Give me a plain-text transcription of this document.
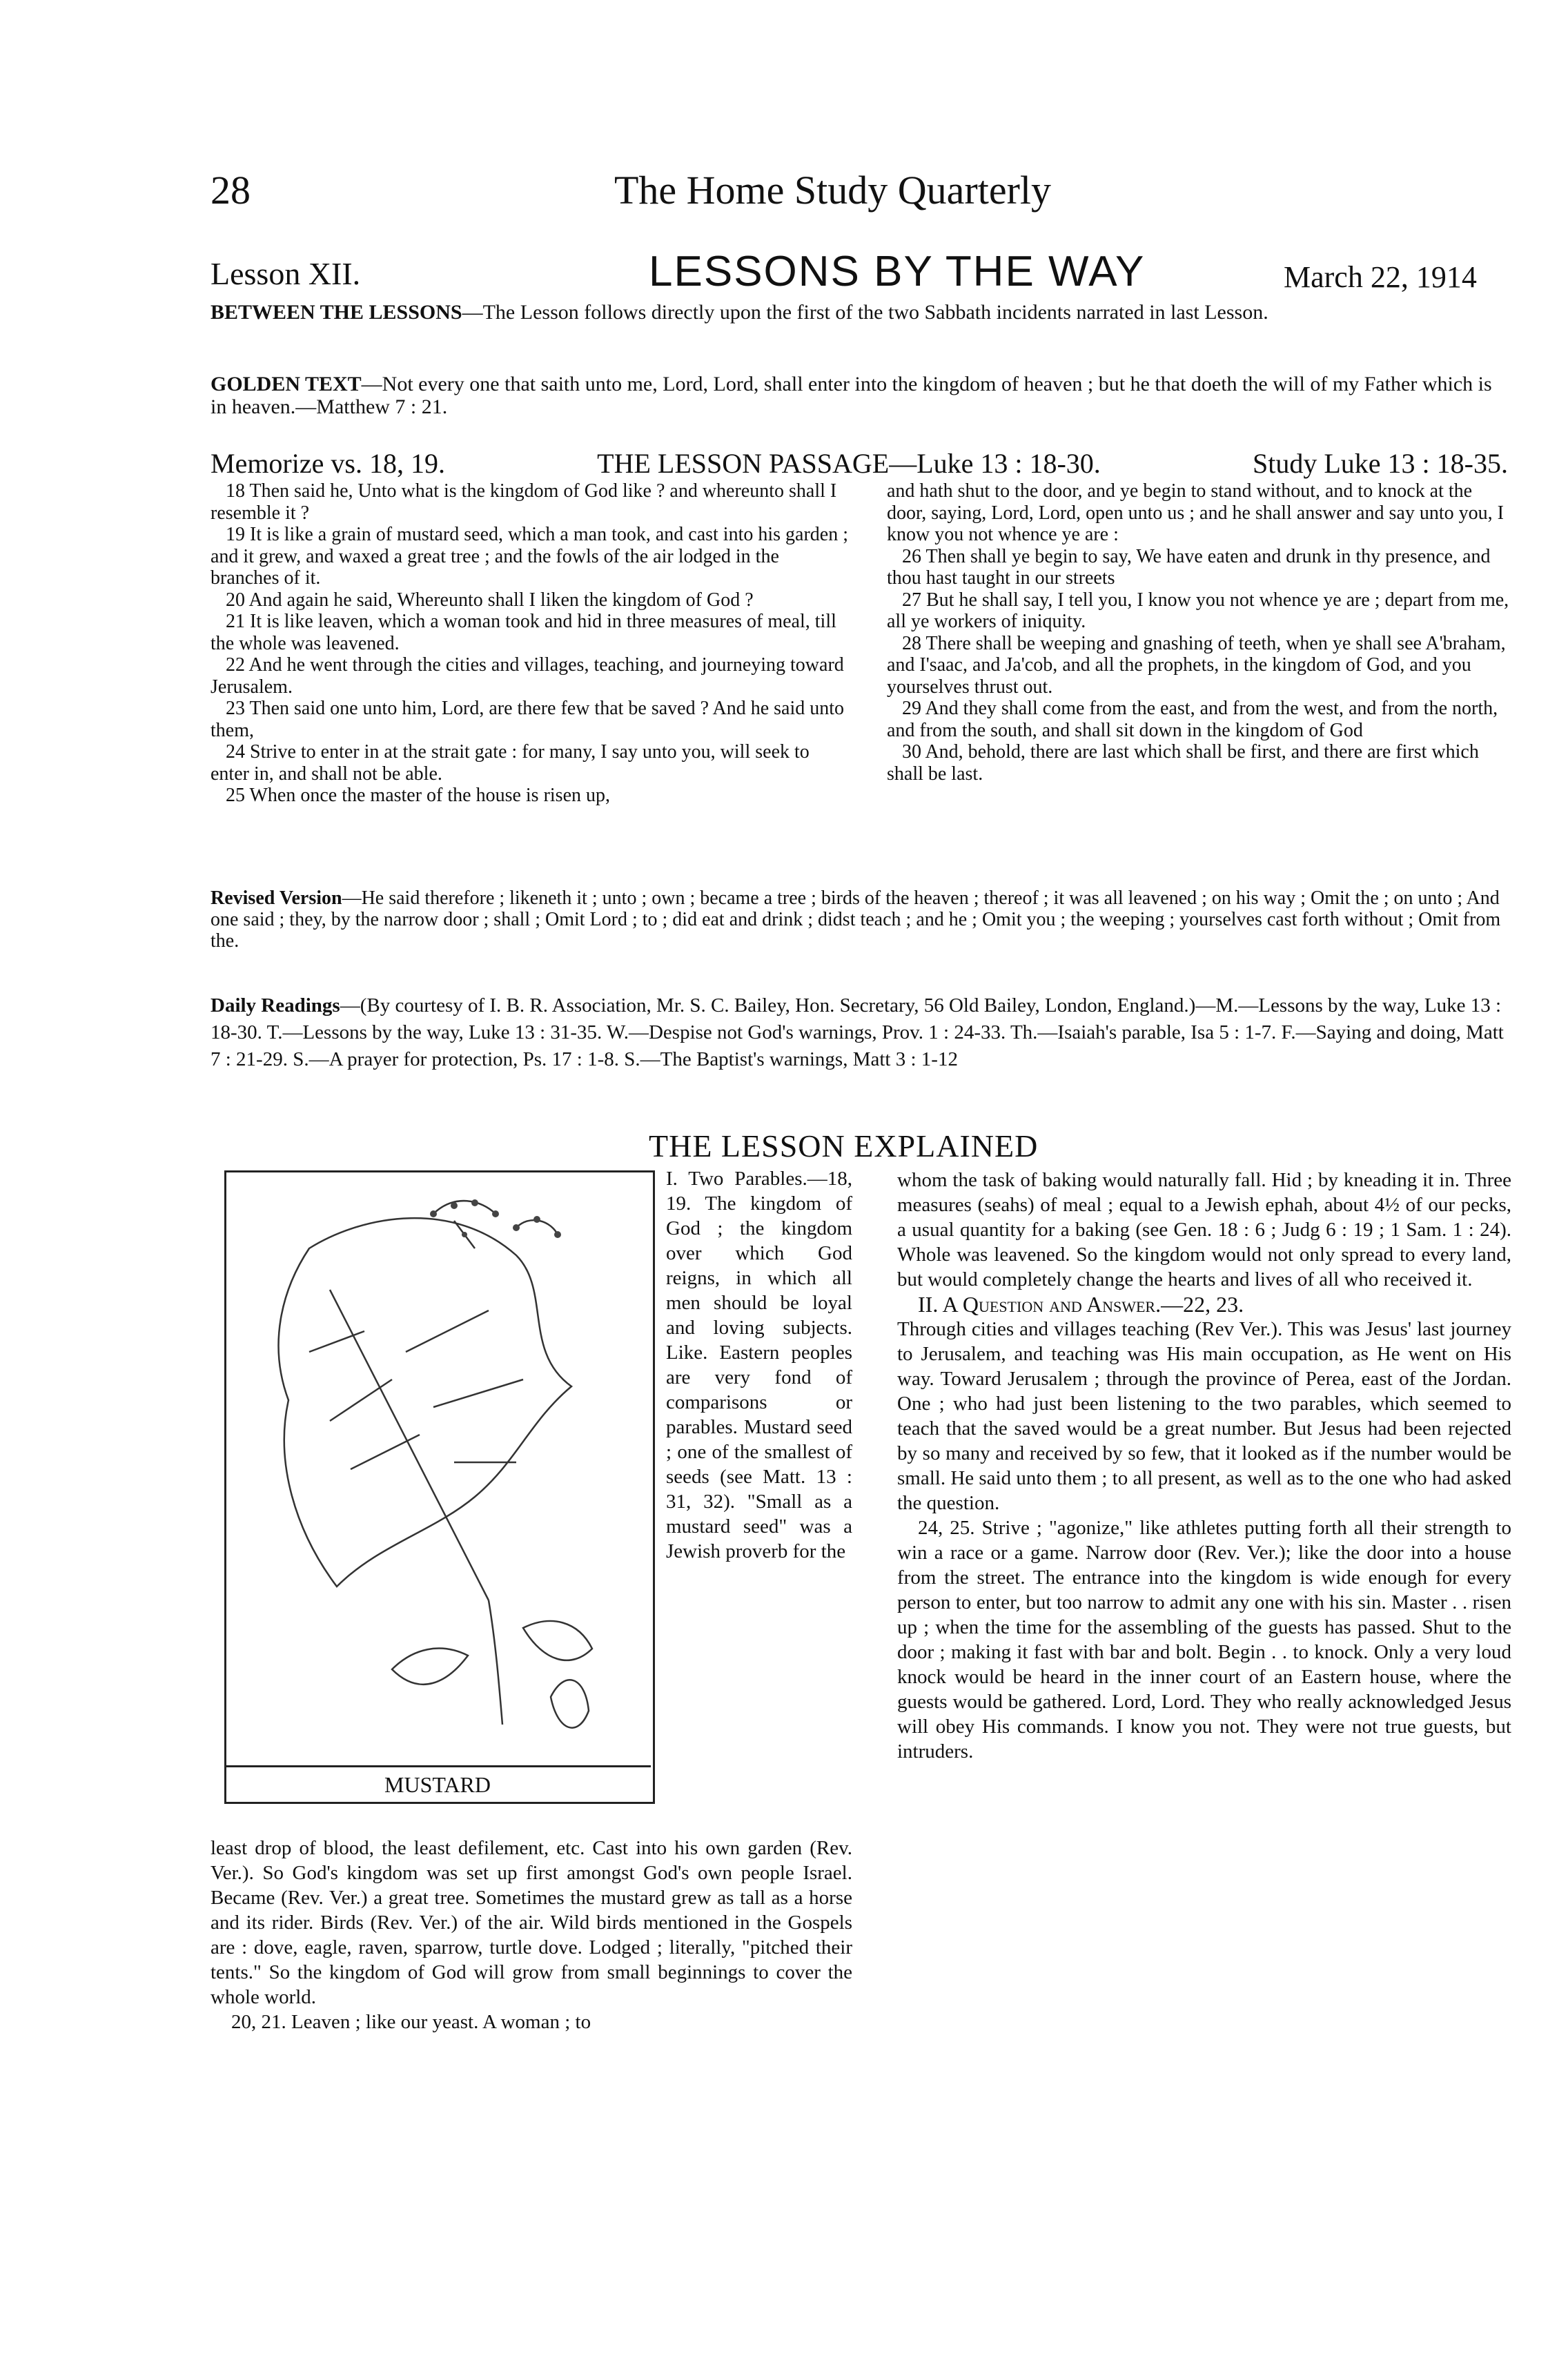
28	The Home Study Quarterly
Lesson XII.	LESSONS BY THE WAY	March 22, 1914
BETWEEN THE LESSONS—The Lesson follows directly upon the first of the two Sabbath incidents narrated in last Lesson.
GOLDEN TEXT—Not every one that saith unto me, Lord, Lord, shall enter into the kingdom of heaven ; but he that doeth the will of my Father which is in heaven.—Matthew 7 : 21.
Memorize vs. 18, 19.	THE LESSON PASSAGE—Luke 13 : 18-30.	Study Luke 13 : 18-35.

18 Then said he, Unto what is the kingdom of God like ? and whereunto shall I resemble it ?

19 It is like a grain of mustard seed, which a man took, and cast into his garden ; and it grew, and waxed a great tree ; and the fowls of the air lodged in the branches of it.

20 And again he said, Whereunto shall I liken the kingdom of God ?

21 It is like leaven, which a woman took and hid in three measures of meal, till the whole was leavened.

22 And he went through the cities and villages, teaching, and journeying toward Jerusalem.

23 Then said one unto him, Lord, are there few that be saved ? And he said unto them,

24 Strive to enter in at the strait gate : for many, I say unto you, will seek to enter in, and shall not be able.

25 When once the master of the house is risen up,

and hath shut to the door, and ye begin to stand without, and to knock at the door, saying, Lord, Lord, open unto us ; and he shall answer and say unto you, I know you not whence ye are :

26 Then shall ye begin to say, We have eaten and drunk in thy presence, and thou hast taught in our streets

27 But he shall say, I tell you, I know you not whence ye are ; depart from me, all ye workers of iniquity.

28 There shall be weeping and gnashing of teeth, when ye shall see A'braham, and I'saac, and Ja'cob, and all the prophets, in the kingdom of God, and you yourselves thrust out.

29 And they shall come from the east, and from the west, and from the north, and from the south, and shall sit down in the kingdom of God

30 And, behold, there are last which shall be first, and there are first which shall be last.

Revised Version—He said therefore ; likeneth it ; unto ; own ; became a tree ; birds of the heaven ; thereof ; it was all leavened ; on his way ; Omit the ; on unto ; And one said ; they, by the narrow door ; shall ; Omit Lord ; to ; did eat and drink ; didst teach ; and he ; Omit you ; the weeping ; yourselves cast forth without ; Omit from the.
Daily Readings—(By courtesy of I. B. R. Association, Mr. S. C. Bailey, Hon. Secretary, 56 Old Bailey, London, England.)—M.—Lessons by the way, Luke 13 : 18-30. T.—Lessons by the way, Luke 13 : 31-35. W.—Despise not God's warnings, Prov. 1 : 24-33. Th.—Isaiah's parable, Isa 5 : 1-7. F.—Saying and doing, Matt 7 : 21-29. S.—A prayer for protection, Ps. 17 : 1-8. S.—The Baptist's warnings, Matt 3 : 1-12
THE LESSON EXPLAINED
MUSTARD

I. Two Parables.—18, 19. The kingdom of God ; the kingdom over which God reigns, in which all men should be loyal and loving subjects. Like. Eastern peoples are very fond of comparisons or parables. Mustard seed ; one of the smallest of seeds (see Matt. 13 : 31, 32). "Small as a mustard seed" was a Jewish proverb for the

least drop of blood, the least defilement, etc. Cast into his own garden (Rev. Ver.). So God's kingdom was set up first amongst God's own people Israel. Became (Rev. Ver.) a great tree. Sometimes the mustard grew as tall as a horse and its rider. Birds (Rev. Ver.) of the air. Wild birds mentioned in the Gospels are : dove, eagle, raven, sparrow, turtle dove. Lodged ; literally, "pitched their tents." So the kingdom of God will grow from small beginnings to cover the whole world.

20, 21. Leaven ; like our yeast. A woman ; to

whom the task of baking would naturally fall. Hid ; by kneading it in. Three measures (seahs) of meal ; equal to a Jewish ephah, about 4½ of our pecks, a usual quantity for a baking (see Gen. 18 : 6 ; Judg 6 : 19 ; 1 Sam. 1 : 24). Whole was leavened. So the kingdom would not only spread to every land, but would completely change the hearts and lives of all who received it.

II. A Question and Answer.—22, 23.

Through cities and villages teaching (Rev Ver.). This was Jesus' last journey to Jerusalem, and teaching was His main occupation, as He went on His way. Toward Jerusalem ; through the province of Perea, east of the Jordan. One ; who had just been listening to the two parables, which seemed to teach that the saved would be a great number. But Jesus had been rejected by so many and received by so few, that it looked as if the number would be small. He said unto them ; to all present, as well as to the one who had asked the question.

24, 25. Strive ; "agonize," like athletes putting forth all their strength to win a race or a game. Narrow door (Rev. Ver.); like the door into a house from the street. The entrance into the kingdom is wide enough for every person to enter, but too narrow to admit any one with his sin. Master . . risen up ; when the time for the assembling of the guests has passed. Shut to the door ; making it fast with bar and bolt. Begin . . to knock. Only a very loud knock would be heard in the inner court of an Eastern house, where the guests would be gathered. Lord, Lord. They who really acknowledged Jesus will obey His commands. I know you not. They were not true guests, but intruders.
